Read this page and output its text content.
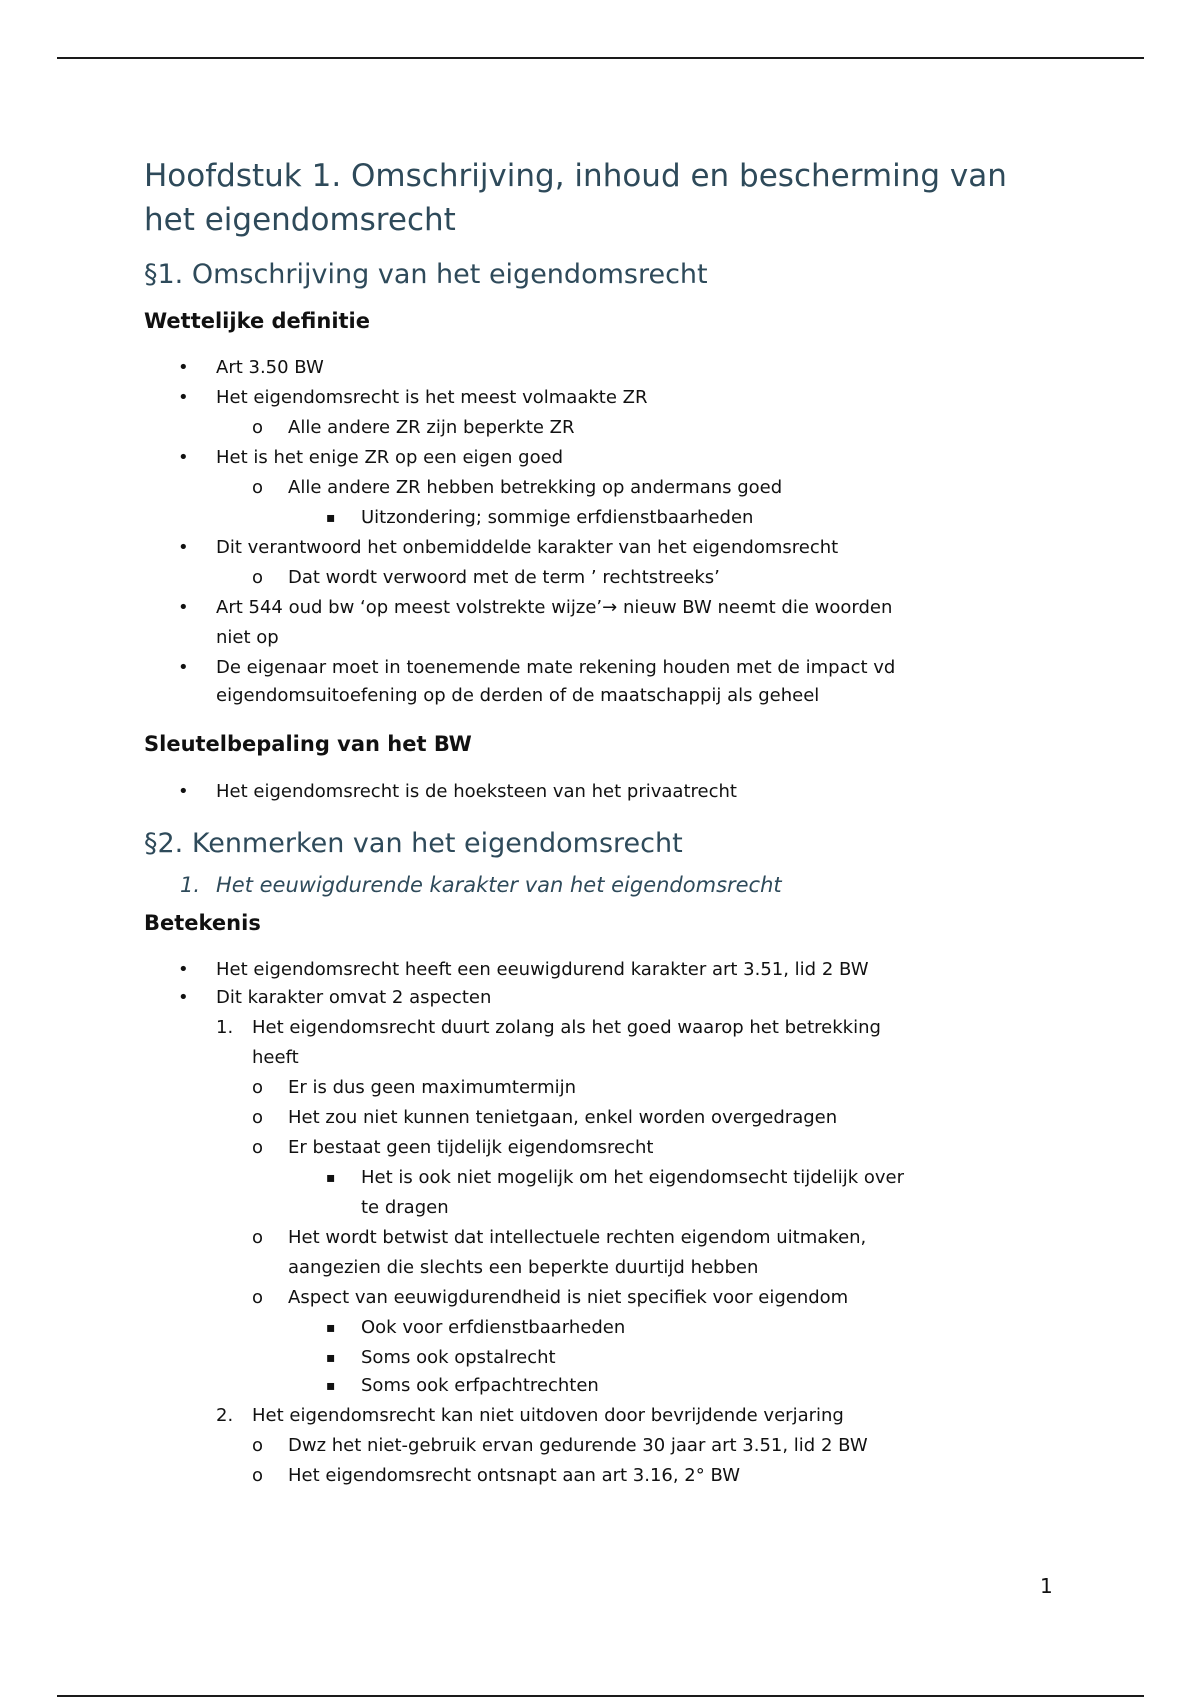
Hoofdstuk 1. Omschrijving, inhoud en bescherming van
het eigendomsrecht
§1. Omschrijving van het eigendomsrecht
Wettelijke definitie
• Art 3.50 BW
• Het eigendomsrecht is het meest volmaakte ZR
o Alle andere ZR zijn beperkte ZR
• Het is het enige ZR op een eigen goed
o Alle andere ZR hebben betrekking op andermans goed
▪ Uitzondering; sommige erfdienstbaarheden
• Dit verantwoord het onbemiddelde karakter van het eigendomsrecht
o Dat wordt verwoord met de term ’ rechtstreeks’
• Art 544 oud bw ‘op meest volstrekte wijze’→ nieuw BW neemt die woorden
niet op
• De eigenaar moet in toenemende mate rekening houden met de impact vd
eigendomsuitoefening op de derden of de maatschappij als geheel
Sleutelbepaling van het BW
• Het eigendomsrecht is de hoeksteen van het privaatrecht
§2. Kenmerken van het eigendomsrecht
1. Het eeuwigdurende karakter van het eigendomsrecht
Betekenis
• Het eigendomsrecht heeft een eeuwigdurend karakter art 3.51, lid 2 BW
• Dit karakter omvat 2 aspecten
1. Het eigendomsrecht duurt zolang als het goed waarop het betrekking
heeft
o Er is dus geen maximumtermijn
o Het zou niet kunnen tenietgaan, enkel worden overgedragen
o Er bestaat geen tijdelijk eigendomsrecht
▪ Het is ook niet mogelijk om het eigendomsecht tijdelijk over
te dragen
o Het wordt betwist dat intellectuele rechten eigendom uitmaken,
aangezien die slechts een beperkte duurtijd hebben
o Aspect van eeuwigdurendheid is niet specifiek voor eigendom
▪ Ook voor erfdienstbaarheden
▪ Soms ook opstalrecht
▪ Soms ook erfpachtrechten
2. Het eigendomsrecht kan niet uitdoven door bevrijdende verjaring
o Dwz het niet-gebruik ervan gedurende 30 jaar art 3.51, lid 2 BW
o Het eigendomsrecht ontsnapt aan art 3.16, 2° BW
1
